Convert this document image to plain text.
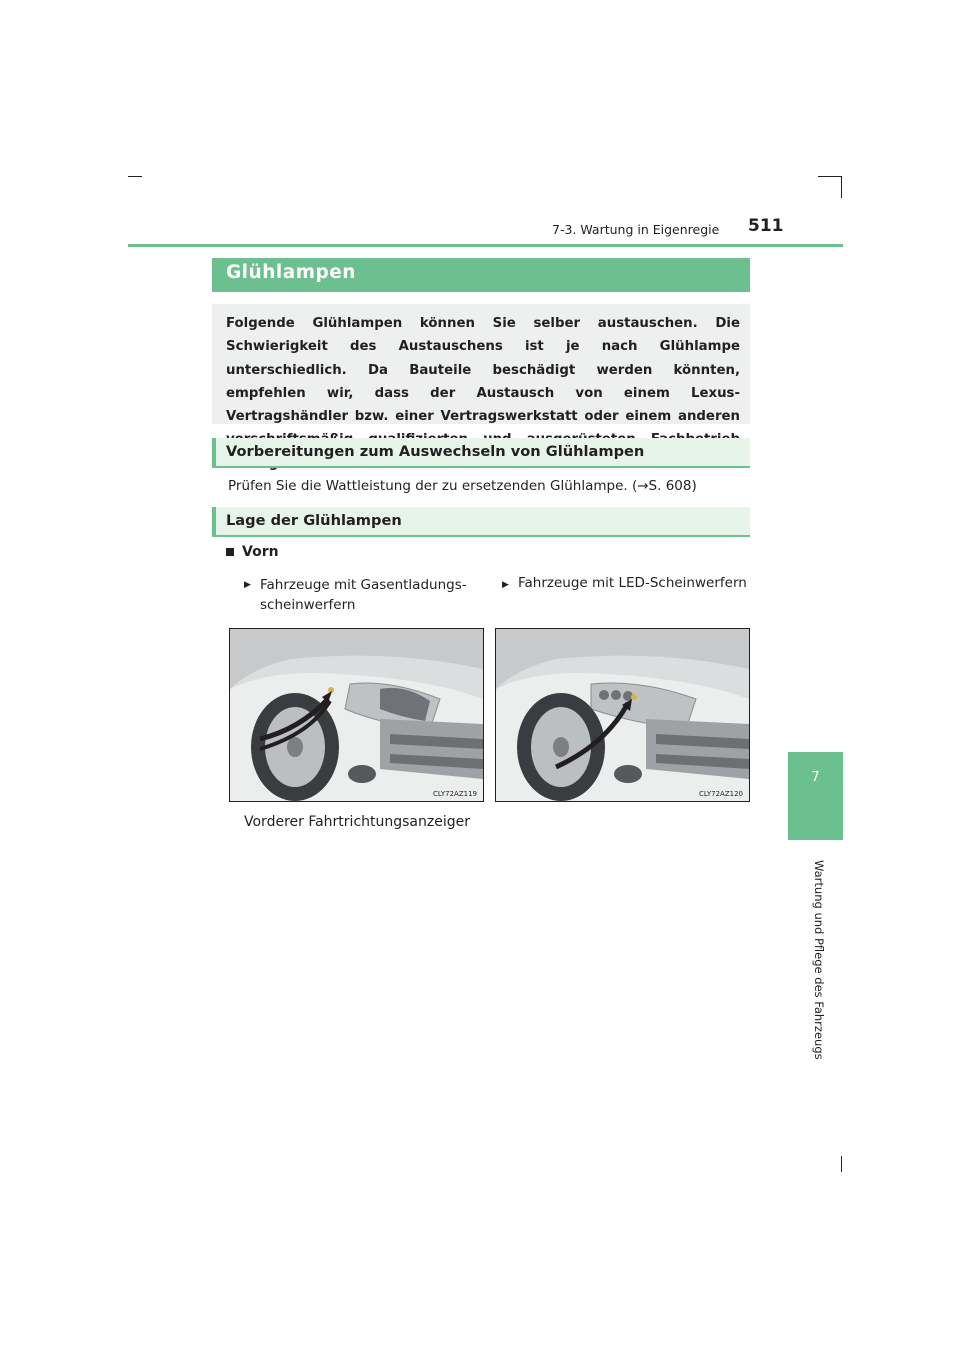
7-3. Wartung in Eigenregie 511
7
Wartung und Pflege des Fahrzeugs
Glühlampen
Folgende Glühlampen können Sie selber austauschen. Die Schwierigkeit des Austauschens ist je nach Glühlampe unterschiedlich. Da Bauteile beschädigt werden könnten, empfehlen wir, dass der Austausch von einem Lexus-Vertragshändler bzw. einer Vertragswerkstatt oder einem anderen
Vorbereitungen zum Auswechseln von Glühlampen
Prüfen Sie die Wattleistung der zu ersetzenden Glühlampe. (→S. 608)
Lage der Glühlampen
Vorn
▶ Fahrzeuge mit Gasentladungs-scheinwerfern
▶ Fahrzeuge mit LED-Scheinwerfern
CLY72AZ119	CLY72AZ120
Vorderer Fahrtrichtungsanzeiger
